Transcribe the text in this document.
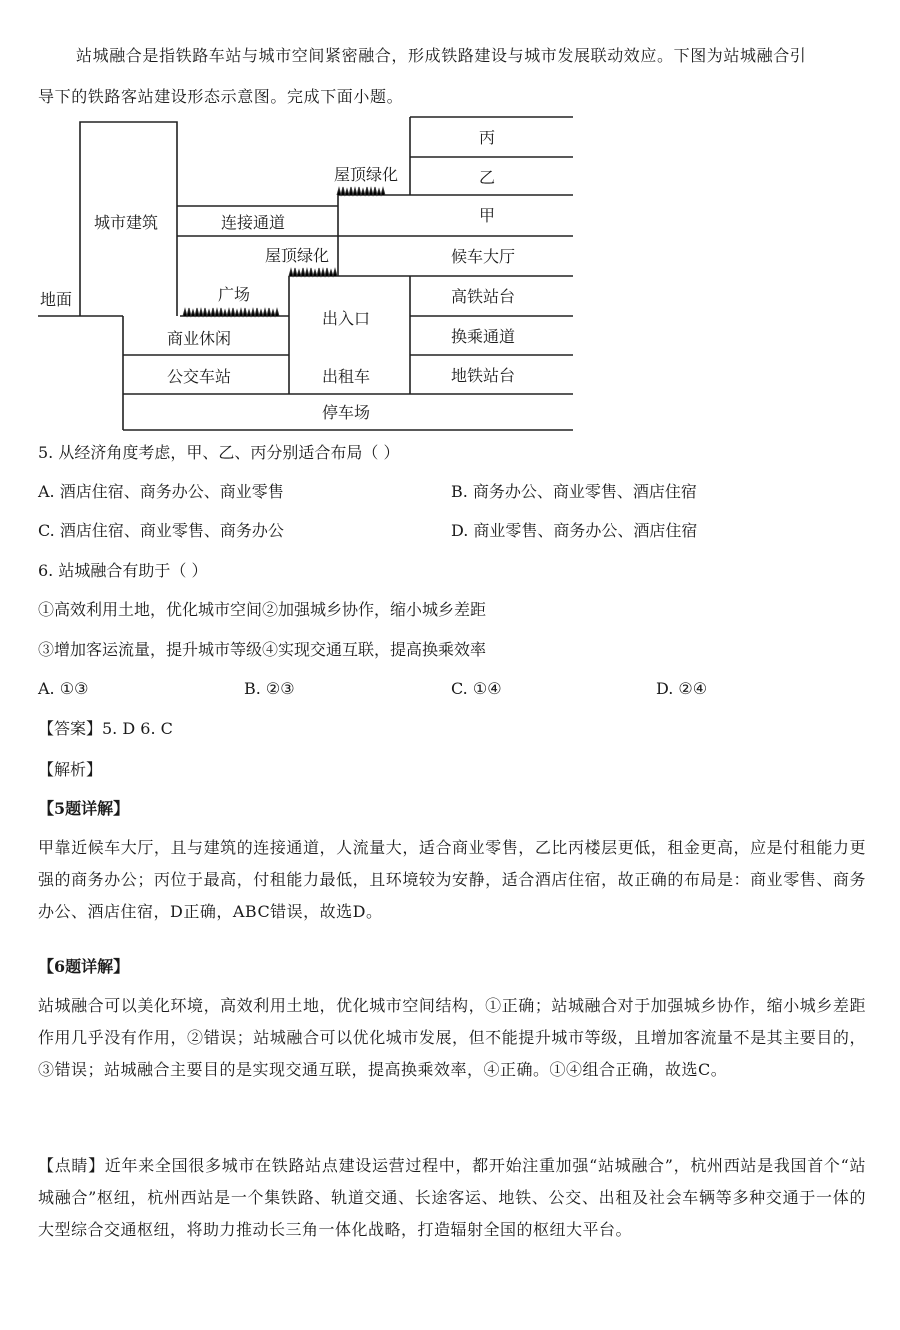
站城融合是指铁路车站与城市空间紧密融合，形成铁路建设与城市发展联动效应。下图为站城融合引
导下的铁路客站建设形态示意图。完成下面小题。
地面
城市建筑	连接通道
屋顶绿化
屋顶绿化
广场
出入口
商业休闲
公交车站	出租车
停车场
丙
乙
甲
候车大厅
高铁站台
换乘通道
地铁站台
5. 从经济角度考虑，甲、乙、丙分别适合布局（ ）
A. 酒店住宿、商务办公、商业零售	B. 商务办公、商业零售、酒店住宿
C. 酒店住宿、商业零售、商务办公	D. 商业零售、商务办公、酒店住宿
6. 站城融合有助于（ ）
①高效利用土地，优化城市空间②加强城乡协作，缩小城乡差距
③增加客运流量，提升城市等级④实现交通互联，提高换乘效率
A. ①③	B. ②③	C. ①④	D. ②④
【答案】5. D 6. C
【解析】
【5题详解】
甲靠近候车大厅，且与建筑的连接通道，人流量大，适合商业零售，乙比丙楼层更低，租金更高，应是付租能力更强的商务办公；丙位于最高，付租能力最低，且环境较为安静，适合酒店住宿，故正确的布局是：商业零售、商务办公、酒店住宿，D正确，ABC错误，故选D。
【6题详解】
站城融合可以美化环境，高效利用土地，优化城市空间结构，①正确；站城融合对于加强城乡协作，缩小城乡差距作用几乎没有作用，②错误；站城融合可以优化城市发展，但不能提升城市等级，且增加客流量不是其主要目的，③错误；站城融合主要目的是实现交通互联，提高换乘效率，④正确。①④组合正确，故选C。
【点睛】近年来全国很多城市在铁路站点建设运营过程中，都开始注重加强“站城融合”，杭州西站是我国首个“站城融合”枢纽，杭州西站是一个集铁路、轨道交通、长途客运、地铁、公交、出租及社会车辆等多种交通于一体的大型综合交通枢纽，将助力推动长三角一体化战略，打造辐射全国的枢纽大平台。
